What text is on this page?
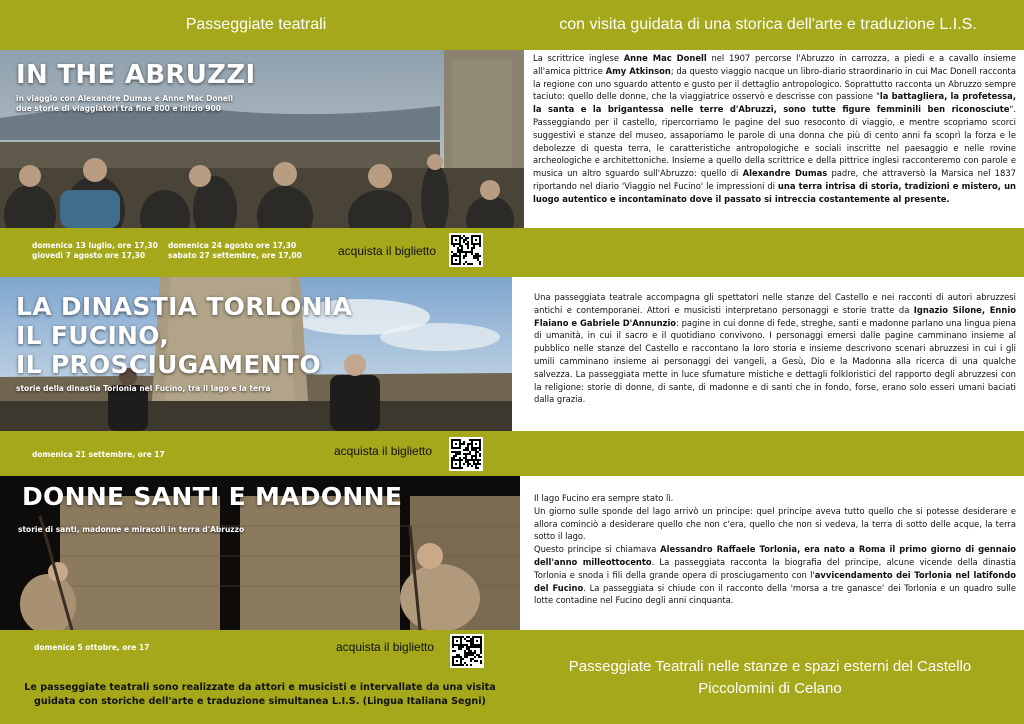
Passeggiate teatrali	con visita guidata di una storica dell'arte e traduzione L.I.S.
IN THE ABRUZZI
in viaggio con Alexandre Dumas e Anne Mac Donell
due storie di viaggiatori tra fine 800 e inizio 900
La scrittrice inglese Anne Mac Donell nel 1907 percorse l'Abruzzo in carrozza, a piedi e a cavallo insieme all'amica pittrice Amy Atkinson; da questo viaggio nacque un libro-diario straordinario in cui Mac Donell racconta la regione con uno sguardo attento e gusto per il dettaglio antropologico. Soprattutto racconta un Abruzzo sempre taciuto: quello delle donne, che la viaggiatrice osservò e descrisse con passione "la battagliera, la profetessa, la santa e la brigantessa nelle terre d'Abruzzi, sono tutte figure femminili ben riconosciute". Passeggiando per il castello, ripercorriamo le pagine del suo resoconto di viaggio, e mentre scopriamo scorci suggestivi e stanze del museo, assaporiamo le parole di una donna che più di cento anni fa scoprì la forza e le debolezze di questa terra, le caratteristiche antropologiche e sociali inscritte nel paesaggio e nelle rovine archeologiche e architettoniche. Insieme a quello della scrittrice e della pittrice inglesi racconteremo con parole e musica un altro sguardo sull'Abruzzo: quello di Alexandre Dumas padre, che attraversò la Marsica nel 1837 riportando nel diario 'Viaggio nel Fucino' le impressioni di una terra intrisa di storia, tradizioni e mistero, un luogo autentico e incontaminato dove il passato si intreccia costantemente al presente.
domenica 13 luglio, ore 17,30
giovedì 7 agosto ore 17,30
domenica 24 agosto ore 17,30
sabato 27 settembre, ore 17,00	acquista il biglietto
LA DINASTIA TORLONIA
IL FUCINO,
IL PROSCIUGAMENTO
storie della dinastia Torlonia nel Fucino, tra il lago e la terra
Una passeggiata teatrale accompagna gli spettatori nelle stanze del Castello e nei racconti di autori abruzzesi antichi e contemporanei. Attori e musicisti interpretano personaggi e storie tratte da Ignazio Silone, Ennio Flaiano e Gabriele D'Annunzio: pagine in cui donne di fede, streghe, santi e madonne parlano una lingua piena di umanità, in cui il sacro e il quotidiano convivono. I personaggi emersi dalle pagine camminano insieme al pubblico nelle stanze del Castello e raccontano la loro storia e insieme descrivono scenari abruzzesi in cui i gli umili camminano insieme ai personaggi dei vangeli, a Gesù, Dio e la Madonna alla ricerca di una qualche salvezza. La passeggiata mette in luce sfumature mistiche e dettagli folkloristici del rapporto degli abruzzesi con la religione: storie di donne, di sante, di madonne e di santi che in fondo, forse, erano solo esseri umani baciati dalla grazia.
domenica 21 settembre, ore 17	acquista il biglietto
DONNE SANTI E MADONNE
storie di santi, madonne e miracoli in terra d'Abruzzo
Il lago Fucino era sempre stato lì.
Un giorno sulle sponde del lago arrivò un principe: quel principe aveva tutto quello che si potesse desiderare e allora cominciò a desiderare quello che non c'era, quello che non si vedeva, la terra di sotto delle acque, la terra sotto il lago.
Questo principe si chiamava Alessandro Raffaele Torlonia, era nato a Roma il primo giorno di gennaio dell'anno milleottocento. La passeggiata racconta la biografia del principe, alcune vicende della dinastia Torlonia e snoda i fili della grande opera di prosciugamento con l'avvicendamento dei Torlonia nel latifondo del Fucino. La passeggiata si chiude con il racconto della 'morsa a tre ganasce' dei Torlonia e un quadro sulle lotte contadine nel Fucino degli anni cinquanta.
domenica 5 ottobre, ore 17	acquista il biglietto
Le passeggiate teatrali sono realizzate da attori e musicisti e intervallate da una visita guidata con storiche dell'arte e traduzione simultanea L.I.S. (Lingua Italiana Segni)
Passeggiate Teatrali nelle stanze e spazi esterni del Castello Piccolomini di Celano
